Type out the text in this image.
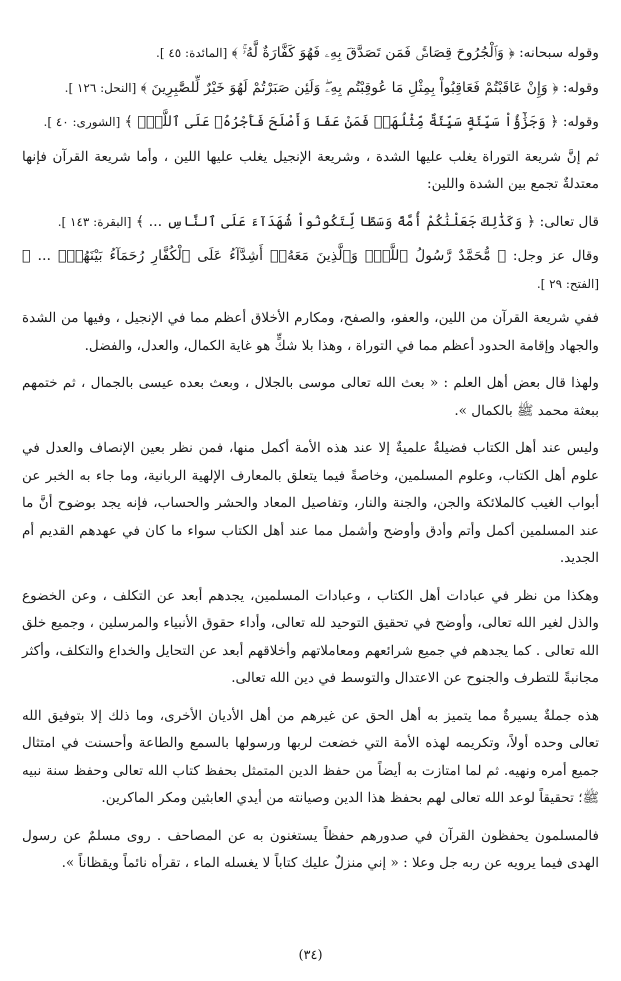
وقوله سبحانه: ﴿ وَٱلْجُرُوحَ قِصَاصٌۚ فَمَن تَصَدَّقَ بِهِۦ فَهُوَ كَفَّارَةٌ لَّهُۥۚ ﴾ [المائدة: ٤٥ ].

وقوله: ﴿ وَإِنْ عَاقَبْتُمْ فَعَاقِبُواْ بِمِثْلِ مَا عُوقِبْتُم بِهِۦۖ وَلَئِن صَبَرْتُمْ لَهُوَ خَيْرٌ لِّلصَّٰبِرِينَ ﴾ [النحل: ١٢٦ ].

وقوله: ﴿ وَجَزَٰٓؤُاْ سَيِّئَةٍ سَيِّئَةٌ مِّثْلُهَاۖ فَمَنْ عَفَا وَأَصْلَحَ فَأَجْرُهُۥ عَلَى ٱللَّهِۚ ﴾ [الشورى: ٤٠ ].

ثم إنَّ شريعة التوراة يغلب عليها الشدة ، وشريعة الإنجيل يغلب عليها اللين ، وأما شريعة القرآن فإنها معتدلةٌ تجمع بين الشدة واللين:

قال تعالى: ﴿ وَكَذَٰلِكَ جَعَلْنَٰكُمْ أُمَّةً وَسَطًا لِّتَكُونُواْ شُهَدَآءَ عَلَى ٱلنَّاسِ ... ﴾ [البقرة: ١٤٣ ].

وقال عز وجل: ﴿ مُّحَمَّدٌ رَّسُولُ ٱللَّهِۚ وَٱلَّذِينَ مَعَهُۥٓ أَشِدَّآءُ عَلَى ٱلْكُفَّارِ رُحَمَآءُ بَيْنَهُمْۖ ... ﴾ [الفتح: ٢٩ ].

ففي شريعة القرآن من اللين، والعفو، والصفح، ومكارم الأخلاق أعظم مما في الإنجيل ، وفيها من الشدة والجهاد وإقامة الحدود أعظم مما في التوراة ، وهذا بلا شكٍّ هو غاية الكمال، والعدل، والفضل.

ولهذا قال بعض أهل العلم : « بعث الله تعالى موسى بالجلال ، وبعث بعده عيسى بالجمال ، ثم ختمهم ببعثة محمد ﷺ بالكمال ».

وليس عند أهل الكتاب فضيلةٌ علميةٌ إلا عند هذه الأمة أكمل منها، فمن نظر بعين الإنصاف والعدل في علوم أهل الكتاب، وعلوم المسلمين، وخاصةً فيما يتعلق بالمعارف الإلهية الربانية، وما جاء به الخبر عن أبواب الغيب كالملائكة والجن، والجنة والنار، وتفاصيل المعاد والحشر والحساب، فإنه يجد بوضوح أنَّ ما عند المسلمين أكمل وأتم وأدق وأوضح وأشمل مما عند أهل الكتاب سواء ما كان في عهدهم القديم أم الجديد.

وهكذا من نظر في عبادات أهل الكتاب ، وعبادات المسلمين، يجدهم أبعد عن التكلف ، وعن الخضوع والذل لغير الله تعالى، وأوضح في تحقيق التوحيد لله تعالى، وأداء حقوق الأنبياء والمرسلين ، وجميع خلق الله تعالى . كما يجدهم في جميع شرائعهم ومعاملاتهم وأخلاقهم أبعد عن التحايل والخداع والتكلف، وأكثر مجانبةً للتطرف والجنوح عن الاعتدال والتوسط في دين الله تعالى.

هذه جملةٌ يسيرةٌ مما يتميز به أهل الحق عن غيرهم من أهل الأديان الأخرى، وما ذلك إلا بتوفيق الله تعالى وحده أولاً، وتكريمه لهذه الأمة التي خضعت لربها ورسولها بالسمع والطاعة وأحسنت في امتثال جميع أمره ونهيه. ثم لما امتازت به أيضاً من حفظ الدين المتمثل بحفظ كتاب الله تعالى وحفظ سنة نبيه ﷺ؛ تحقيقاً لوعد الله تعالى لهم بحفظ هذا الدين وصيانته من أيدي العابثين ومكر الماكرين.

فالمسلمون يحفظون القرآن في صدورهم حفظاً يستغنون به عن المصاحف . روى مسلمٌ عن رسول الهدى فيما يرويه عن ربه جل وعلا : « إني منزلٌ عليك كتاباً لا يغسله الماء ، تقرأه نائماً ويقظاناً ».

(٣٤)
